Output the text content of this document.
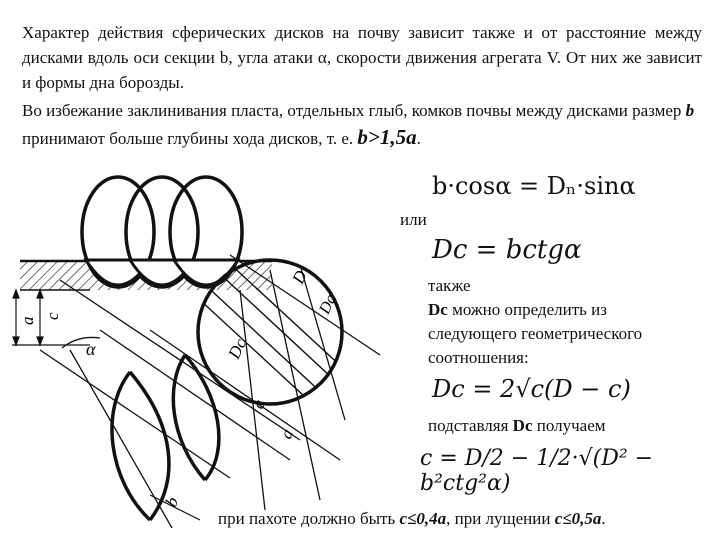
Характер действия сферических дисков на почву зависит также и от расстояние между дисками вдоль оси секции b, угла атаки α, скорости движения агрегата V. От них же зависит и формы дна борозды.
Во избежание заклинивания пласта, отдельных глыб, комков почвы между дисками размер b принимают больше глубины хода дисков, т. е. b>1,5a.
a
c
α
b
c
a
Dc
D
Da
b·cosα = Dₙ·sinα
или
Dc = bctgα
также
Dc можно определить из
следующего геометрического
соотношения:
Dc = 2√c(D − c)
подставляя Dc получаем
c = D/2 − 1/2·√(D² − b²ctg²α)
при пахоте должно быть c≤0,4a, при лущении c≤0,5a.
